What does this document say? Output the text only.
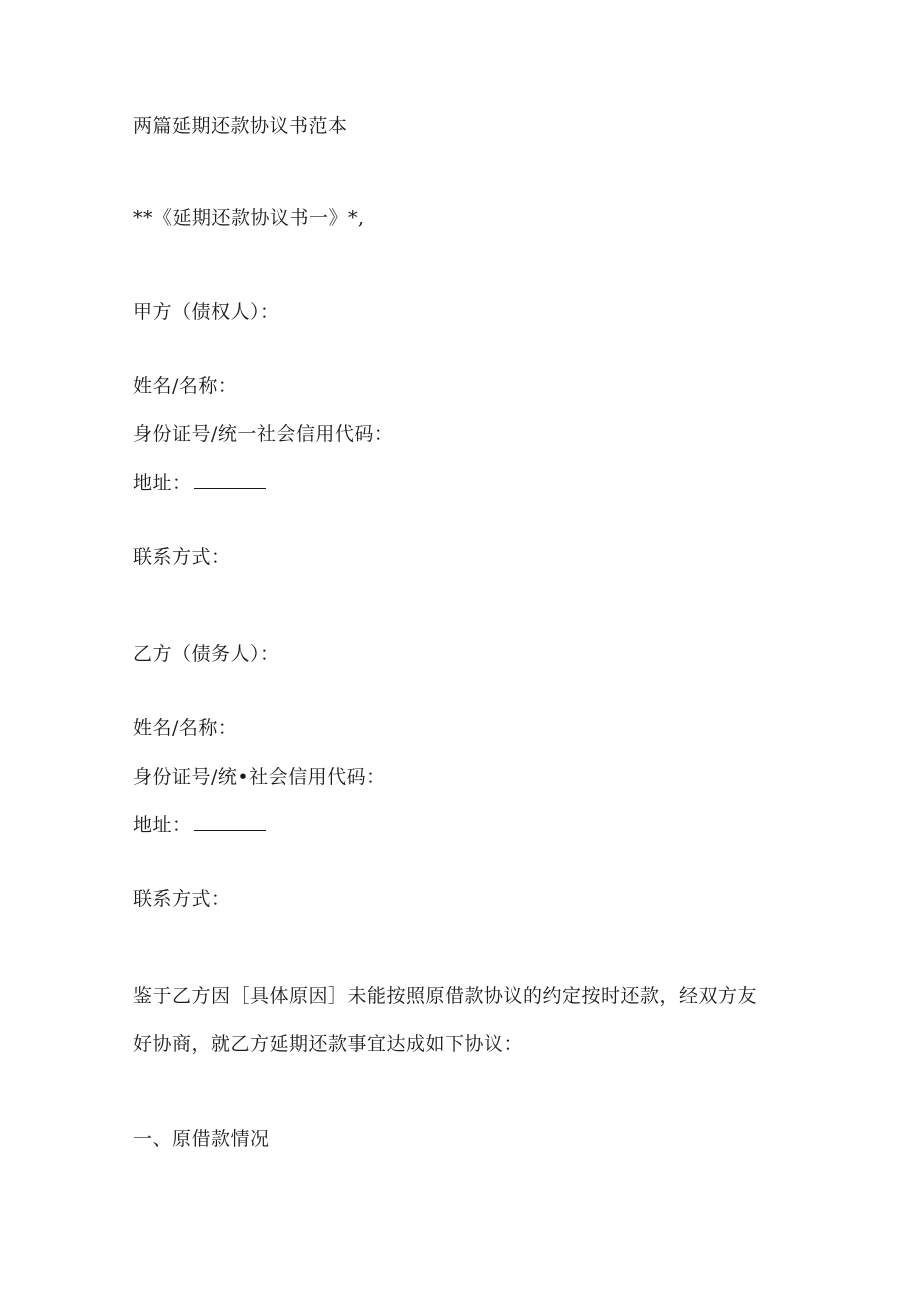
两篇延期还款协议书范本
**《延期还款协议书一》*,
甲方（债权人）：
姓名/名称：
身份证号/统一社会信用代码：
地址：
联系方式：
乙方（债务人）：
姓名/名称：
身份证号/统•社会信用代码：
地址：
联系方式：
鉴于乙方因［具体原因］未能按照原借款协议的约定按时还款，经双方友
好协商，就乙方延期还款事宜达成如下协议：
一、原借款情况
